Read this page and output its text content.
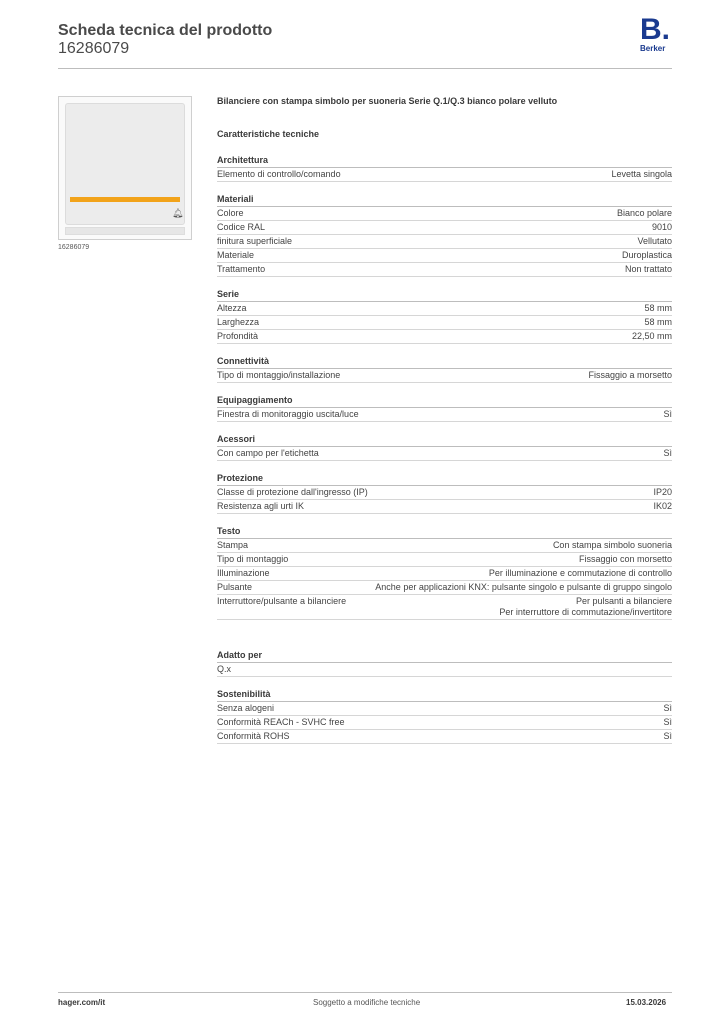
Scheda tecnica del prodotto
16286079
B.
Berker
🔔︎
16286079
Bilanciere con stampa simbolo per suoneria Serie Q.1/Q.3 bianco polare velluto
Caratteristiche tecniche
Architettura
Elemento di controllo/comando	Levetta singola
Materiali
Colore	Bianco polare
Codice RAL	9010
finitura superficiale	Vellutato
Materiale	Duroplastica
Trattamento	Non trattato
Serie
Altezza	58 mm
Larghezza	58 mm
Profondità	22,50 mm
Connettività
Tipo di montaggio/installazione	Fissaggio a morsetto
Equipaggiamento
Finestra di monitoraggio uscita/luce	Sì
Acessori
Con campo per l'etichetta	Sì
Protezione
Classe di protezione dall'ingresso (IP)	IP20
Resistenza agli urti IK	IK02
Testo
Stampa	Con stampa simbolo suoneria
Tipo di montaggio	Fissaggio con morsetto
Illuminazione	Per illuminazione e commutazione di controllo
Pulsante	Anche per applicazioni KNX: pulsante singolo e pulsante di gruppo singolo
Interruttore/pulsante a bilanciere	Per pulsanti a bilanciere
Per interruttore di commutazione/invertitore
Adatto per
Q.x
Sostenibilità
Senza alogeni	Sì
Conformità REACh - SVHC free	Sì
Conformità ROHS	Sì
hager.com/it	Soggetto a modifiche tecniche	15.03.2026
